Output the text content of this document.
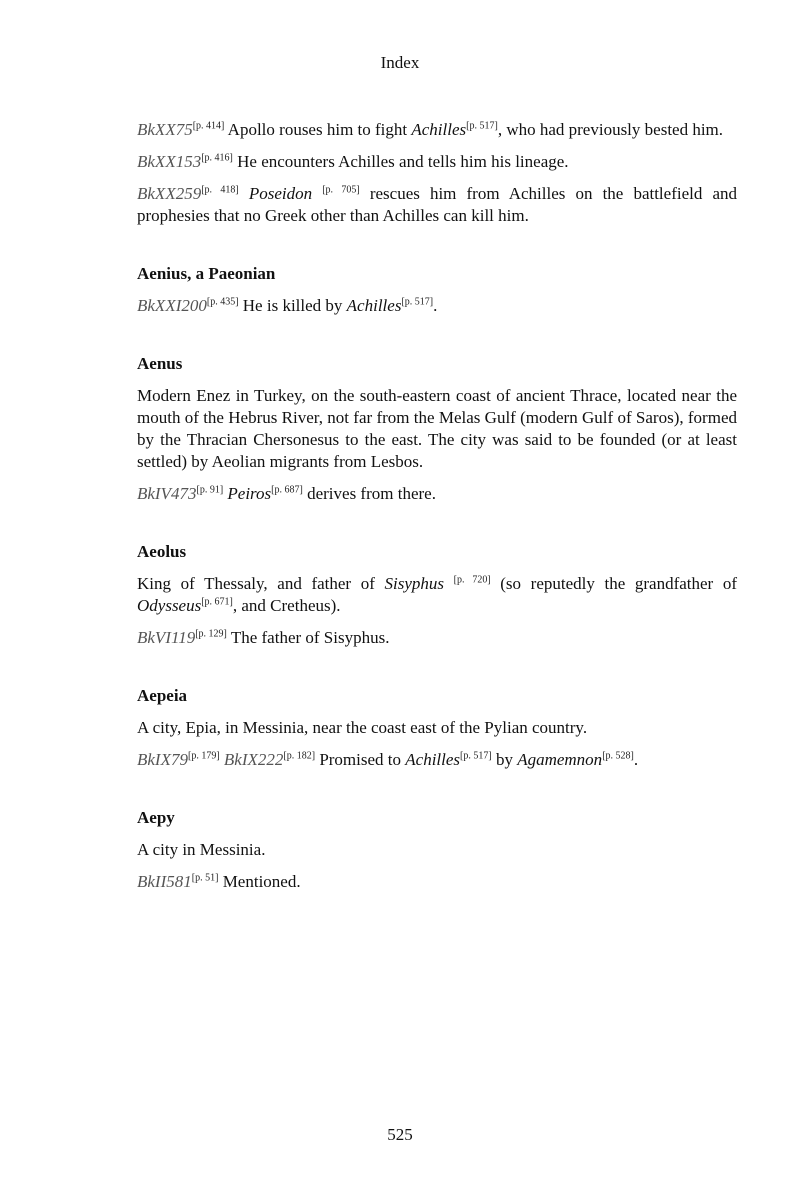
Index

BkXX75[p. 414] Apollo rouses him to fight Achilles[p. 517], who had previously bested him.

BkXX153[p. 416] He encounters Achilles and tells him his lineage.

BkXX259[p. 418] Poseidon [p. 705] rescues him from Achilles on the battlefield and prophesies that no Greek other than Achilles can kill him.

Aenius, a Paeonian

BkXXI200[p. 435] He is killed by Achilles[p. 517].

Aenus

Modern Enez in Turkey, on the south-eastern coast of ancient Thrace, located near the mouth of the Hebrus River, not far from the Melas Gulf (modern Gulf of Saros), formed by the Thracian Chersonesus to the east. The city was said to be founded (or at least settled) by Aeolian migrants from Lesbos.

BkIV473[p. 91] Peiros[p. 687] derives from there.

Aeolus

King of Thessaly, and father of Sisyphus [p. 720] (so reputedly the grandfather of Odysseus[p. 671], and Cretheus).

BkVI119[p. 129] The father of Sisyphus.

Aepeia

A city, Epia, in Messinia, near the coast east of the Pylian country.

BkIX79[p. 179] BkIX222[p. 182] Promised to Achilles[p. 517] by Agamemnon[p. 528].

Aepy

A city in Messinia.

BkII581[p. 51] Mentioned.

525
